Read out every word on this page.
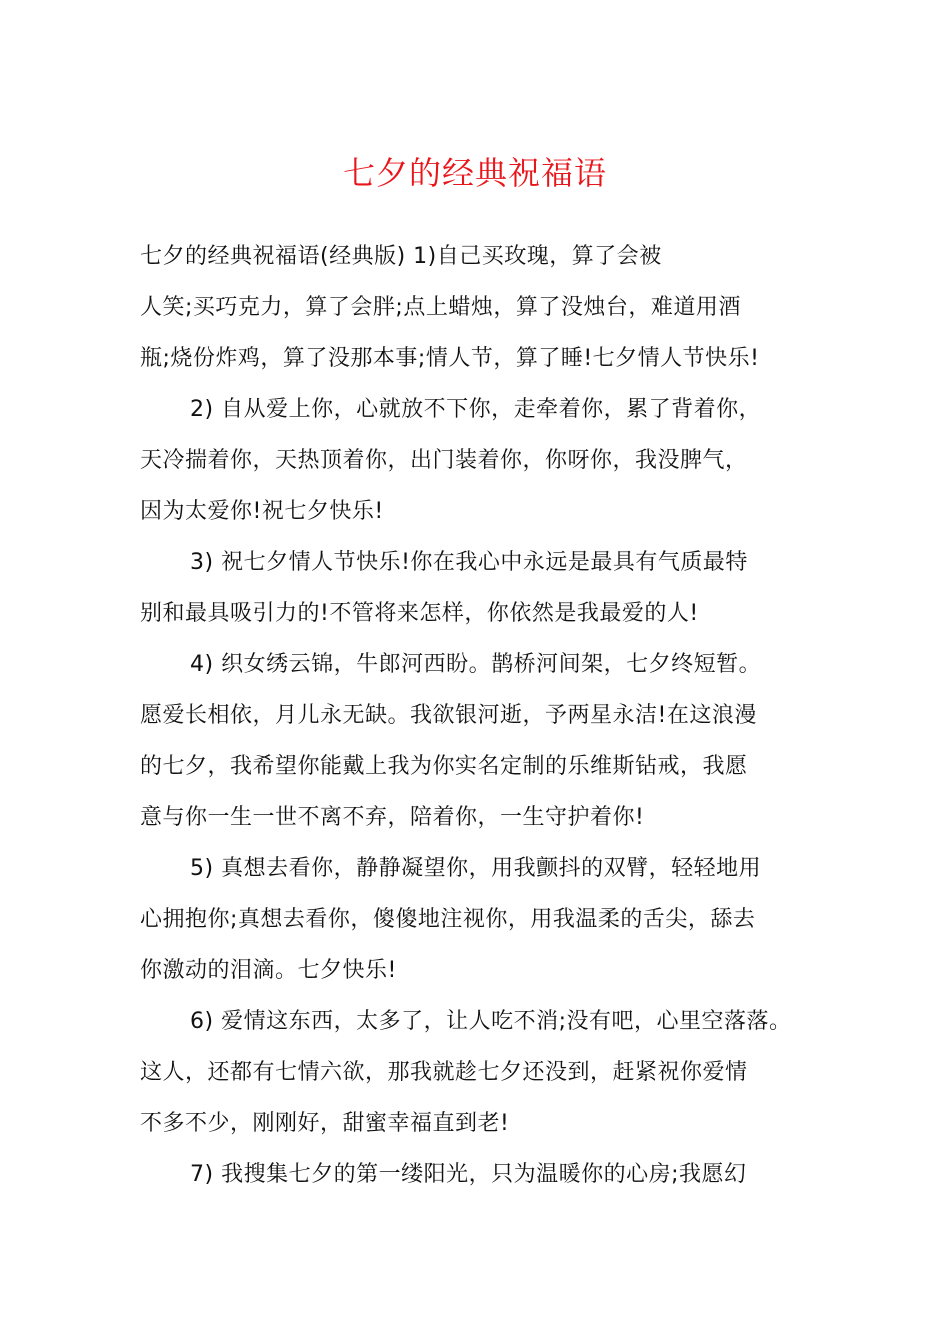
七夕的经典祝福语
七夕的经典祝福语(经典版) 1)自己买玫瑰，算了会被
人笑;买巧克力，算了会胖;点上蜡烛，算了没烛台，难道用酒
瓶;烧份炸鸡，算了没那本事;情人节，算了睡!七夕情人节快乐!
2) 自从爱上你，心就放不下你，走牵着你，累了背着你，
天冷揣着你，天热顶着你，出门装着你，你呀你，我没脾气，
因为太爱你!祝七夕快乐!
3) 祝七夕情人节快乐!你在我心中永远是最具有气质最特
别和最具吸引力的!不管将来怎样，你依然是我最爱的人!
4) 织女绣云锦，牛郎河西盼。鹊桥河间架，七夕终短暂。
愿爱长相依，月儿永无缺。我欲银河逝，予两星永洁!在这浪漫
的七夕，我希望你能戴上我为你实名定制的乐维斯钻戒，我愿
意与你一生一世不离不弃，陪着你，一生守护着你!
5) 真想去看你，静静凝望你，用我颤抖的双臂，轻轻地用
心拥抱你;真想去看你，傻傻地注视你，用我温柔的舌尖，舔去
你激动的泪滴。七夕快乐!
6) 爱情这东西，太多了，让人吃不消;没有吧，心里空落落。
这人，还都有七情六欲，那我就趁七夕还没到，赶紧祝你爱情
不多不少，刚刚好，甜蜜幸福直到老!
7) 我搜集七夕的第一缕阳光，只为温暖你的心房;我愿幻
